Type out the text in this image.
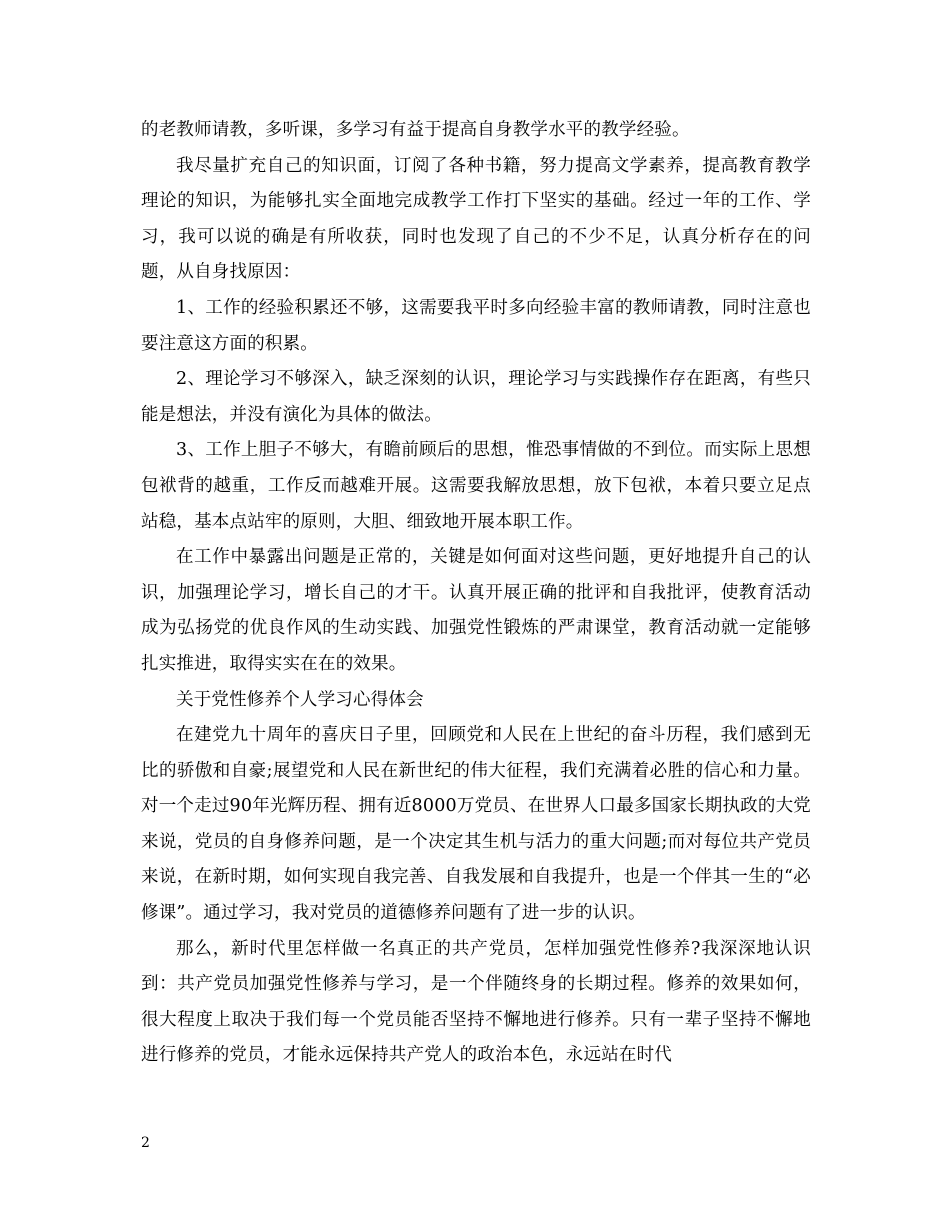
的老教师请教，多听课，多学习有益于提高自身教学水平的教学经验。

我尽量扩充自己的知识面，订阅了各种书籍，努力提高文学素养，提高教育教学理论的知识，为能够扎实全面地完成教学工作打下坚实的基础。经过一年的工作、学习，我可以说的确是有所收获，同时也发现了自己的不少不足，认真分析存在的问题，从自身找原因：

1、工作的经验积累还不够，这需要我平时多向经验丰富的教师请教，同时注意也要注意这方面的积累。

2、理论学习不够深入，缺乏深刻的认识，理论学习与实践操作存在距离，有些只能是想法，并没有演化为具体的做法。

3、工作上胆子不够大，有瞻前顾后的思想，惟恐事情做的不到位。而实际上思想包袱背的越重，工作反而越难开展。这需要我解放思想，放下包袱，本着只要立足点站稳，基本点站牢的原则，大胆、细致地开展本职工作。

在工作中暴露出问题是正常的，关键是如何面对这些问题，更好地提升自己的认识，加强理论学习，增长自己的才干。认真开展正确的批评和自我批评，使教育活动成为弘扬党的优良作风的生动实践、加强党性锻炼的严肃课堂，教育活动就一定能够扎实推进，取得实实在在的效果。

关于党性修养个人学习心得体会

在建党九十周年的喜庆日子里，回顾党和人民在上世纪的奋斗历程，我们感到无比的骄傲和自豪;展望党和人民在新世纪的伟大征程，我们充满着必胜的信心和力量。对一个走过90年光辉历程、拥有近8000万党员、在世界人口最多国家长期执政的大党来说，党员的自身修养问题，是一个决定其生机与活力的重大问题;而对每位共产党员来说，在新时期，如何实现自我完善、自我发展和自我提升，也是一个伴其一生的“必修课”。通过学习，我对党员的道德修养问题有了进一步的认识。

那么，新时代里怎样做一名真正的共产党员，怎样加强党性修养?我深深地认识到：共产党员加强党性修养与学习，是一个伴随终身的长期过程。修养的效果如何，很大程度上取决于我们每一个党员能否坚持不懈地进行修养。只有一辈子坚持不懈地进行修养的党员，才能永远保持共产党人的政治本色，永远站在时代

2
